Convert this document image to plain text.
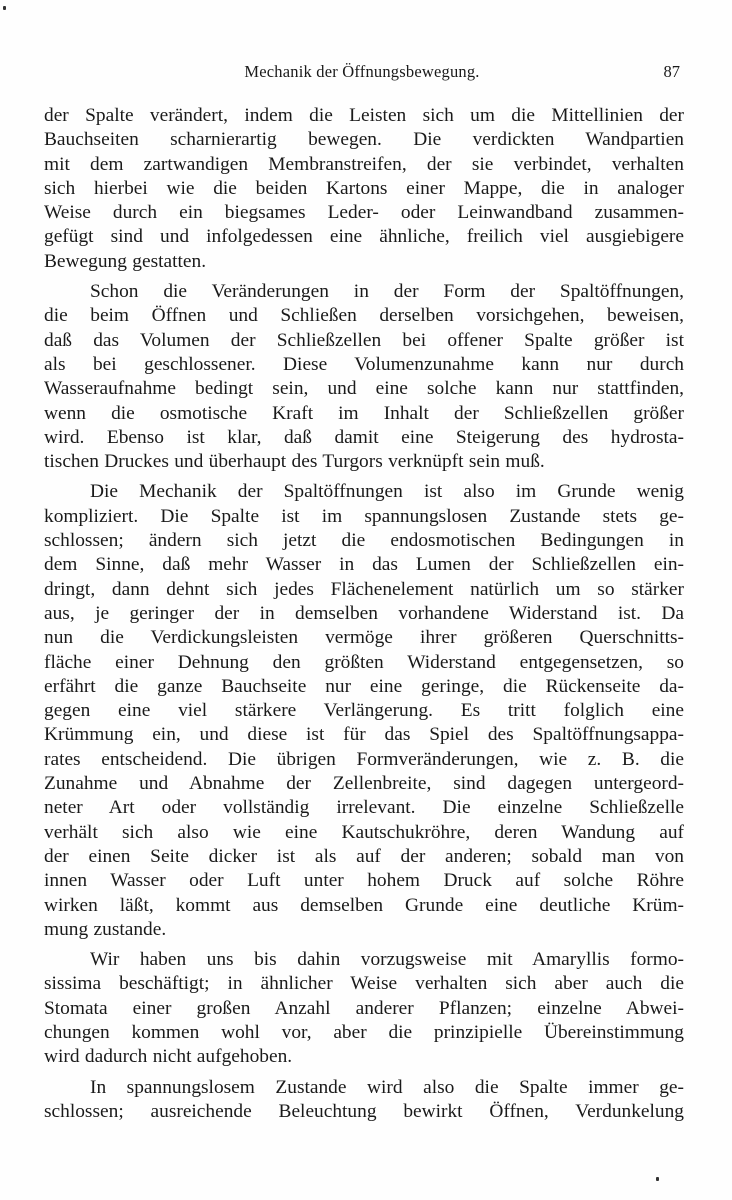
Mechanik der Öffnungsbewegung.	87
der Spalte verändert, indem die Leisten sich um die Mittellinien der
Bauchseiten scharnierartig bewegen. Die verdickten Wandpartien
mit dem zartwandigen Membranstreifen, der sie verbindet, verhalten
sich hierbei wie die beiden Kartons einer Mappe, die in analoger
Weise durch ein biegsames Leder- oder Leinwandband zusammen-
gefügt sind und infolgedessen eine ähnliche, freilich viel ausgiebigere
Bewegung gestatten.
Schon die Veränderungen in der Form der Spaltöffnungen,
die beim Öffnen und Schließen derselben vorsichgehen, beweisen,
daß das Volumen der Schließzellen bei offener Spalte größer ist
als bei geschlossener. Diese Volumenzunahme kann nur durch
Wasseraufnahme bedingt sein, und eine solche kann nur stattfinden,
wenn die osmotische Kraft im Inhalt der Schließzellen größer
wird. Ebenso ist klar, daß damit eine Steigerung des hydrosta-
tischen Druckes und überhaupt des Turgors verknüpft sein muß.
Die Mechanik der Spaltöffnungen ist also im Grunde wenig
kompliziert. Die Spalte ist im spannungslosen Zustande stets ge-
schlossen; ändern sich jetzt die endosmotischen Bedingungen in
dem Sinne, daß mehr Wasser in das Lumen der Schließzellen ein-
dringt, dann dehnt sich jedes Flächenelement natürlich um so stärker
aus, je geringer der in demselben vorhandene Widerstand ist. Da
nun die Verdickungsleisten vermöge ihrer größeren Querschnitts-
fläche einer Dehnung den größten Widerstand entgegensetzen, so
erfährt die ganze Bauchseite nur eine geringe, die Rückenseite da-
gegen eine viel stärkere Verlängerung. Es tritt folglich eine
Krümmung ein, und diese ist für das Spiel des Spaltöffnungsappa-
rates entscheidend. Die übrigen Formveränderungen, wie z. B. die
Zunahme und Abnahme der Zellenbreite, sind dagegen untergeord-
neter Art oder vollständig irrelevant. Die einzelne Schließzelle
verhält sich also wie eine Kautschukröhre, deren Wandung auf
der einen Seite dicker ist als auf der anderen; sobald man von
innen Wasser oder Luft unter hohem Druck auf solche Röhre
wirken läßt, kommt aus demselben Grunde eine deutliche Krüm-
mung zustande.
Wir haben uns bis dahin vorzugsweise mit Amaryllis formo-
sissima beschäftigt; in ähnlicher Weise verhalten sich aber auch die
Stomata einer großen Anzahl anderer Pflanzen; einzelne Abwei-
chungen kommen wohl vor, aber die prinzipielle Übereinstimmung
wird dadurch nicht aufgehoben.
In spannungslosem Zustande wird also die Spalte immer ge-
schlossen; ausreichende Beleuchtung bewirkt Öffnen, Verdunkelung
